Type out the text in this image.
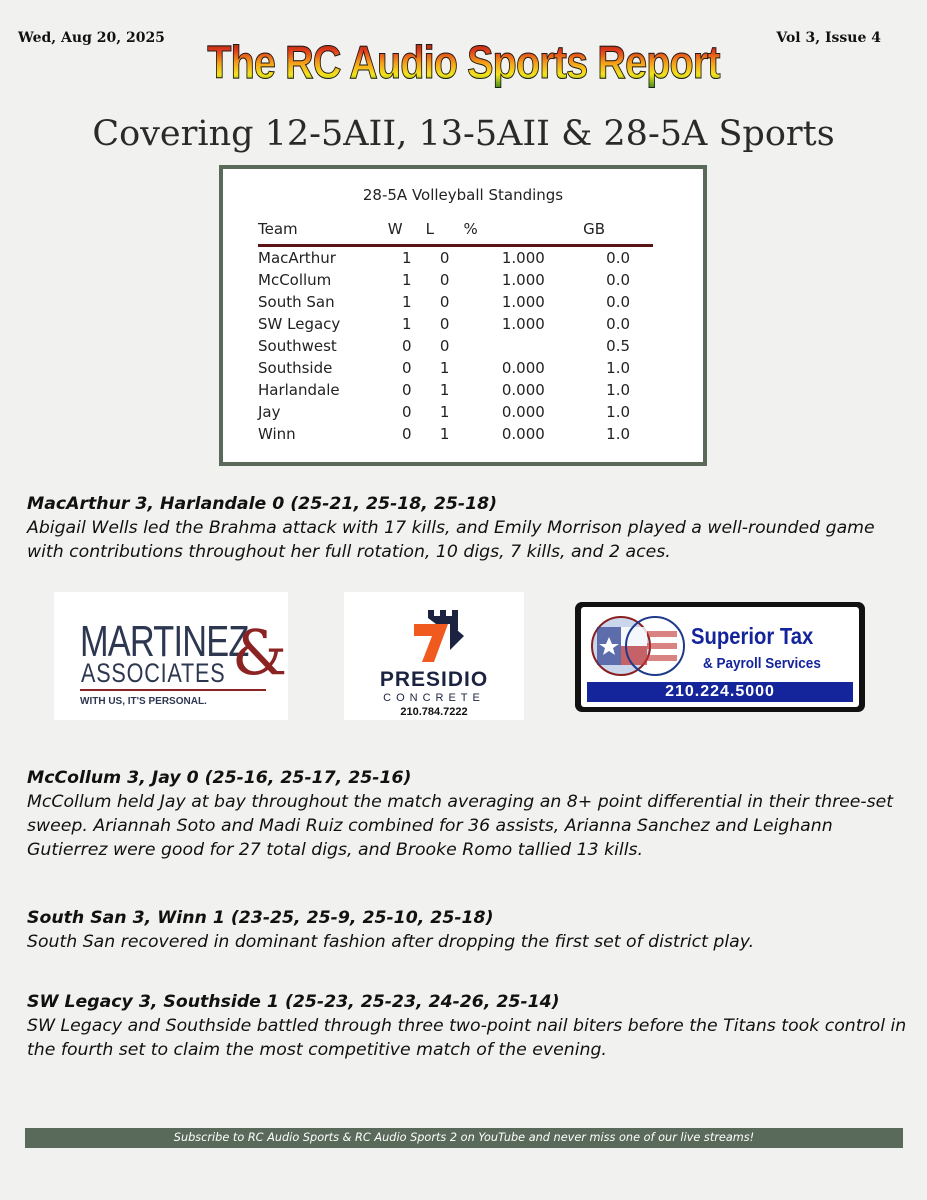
Wed, Aug 20, 2025	Vol 3, Issue 4
The RC Audio Sports Report
Covering 12-5AII, 13-5AII & 28-5A Sports
28-5A Volleyball Standings
Team	W	L	%	GB
MacArthur	1	0	1.000	0.0
McCollum	1	0	1.000	0.0
South San	1	0	1.000	0.0
SW Legacy	1	0	1.000	0.0
Southwest	0	0		0.5
Southside	0	1	0.000	1.0
Harlandale	0	1	0.000	1.0
Jay	0	1	0.000	1.0
Winn	0	1	0.000	1.0
MacArthur 3, Harlandale 0 (25-21, 25-18, 25-18)
Abigail Wells led the Brahma attack with 17 kills, and Emily Morrison played a well-rounded game with contributions throughout her full rotation, 10 digs, 7 kills, and 2 aces.
MARTINEZ
&
ASSOCIATES
WITH US, IT'S PERSONAL.
PRESIDIO
CONCRETE
210.784.7222
Superior Tax
& Payroll Services
210.224.5000
McCollum 3, Jay 0 (25-16, 25-17, 25-16)
McCollum held Jay at bay throughout the match averaging an 8+ point differential in their three-set sweep. Ariannah Soto and Madi Ruiz combined for 36 assists, Arianna Sanchez and Leighann Gutierrez were good for 27 total digs, and Brooke Romo tallied 13 kills.
South San 3, Winn 1 (23-25, 25-9, 25-10, 25-18)
South San recovered in dominant fashion after dropping the first set of district play.
SW Legacy 3, Southside 1 (25-23, 25-23, 24-26, 25-14)
SW Legacy and Southside battled through three two-point nail biters before the Titans took control in the fourth set to claim the most competitive match of the evening.
Subscribe to RC Audio Sports & RC Audio Sports 2 on YouTube and never miss one of our live streams!
